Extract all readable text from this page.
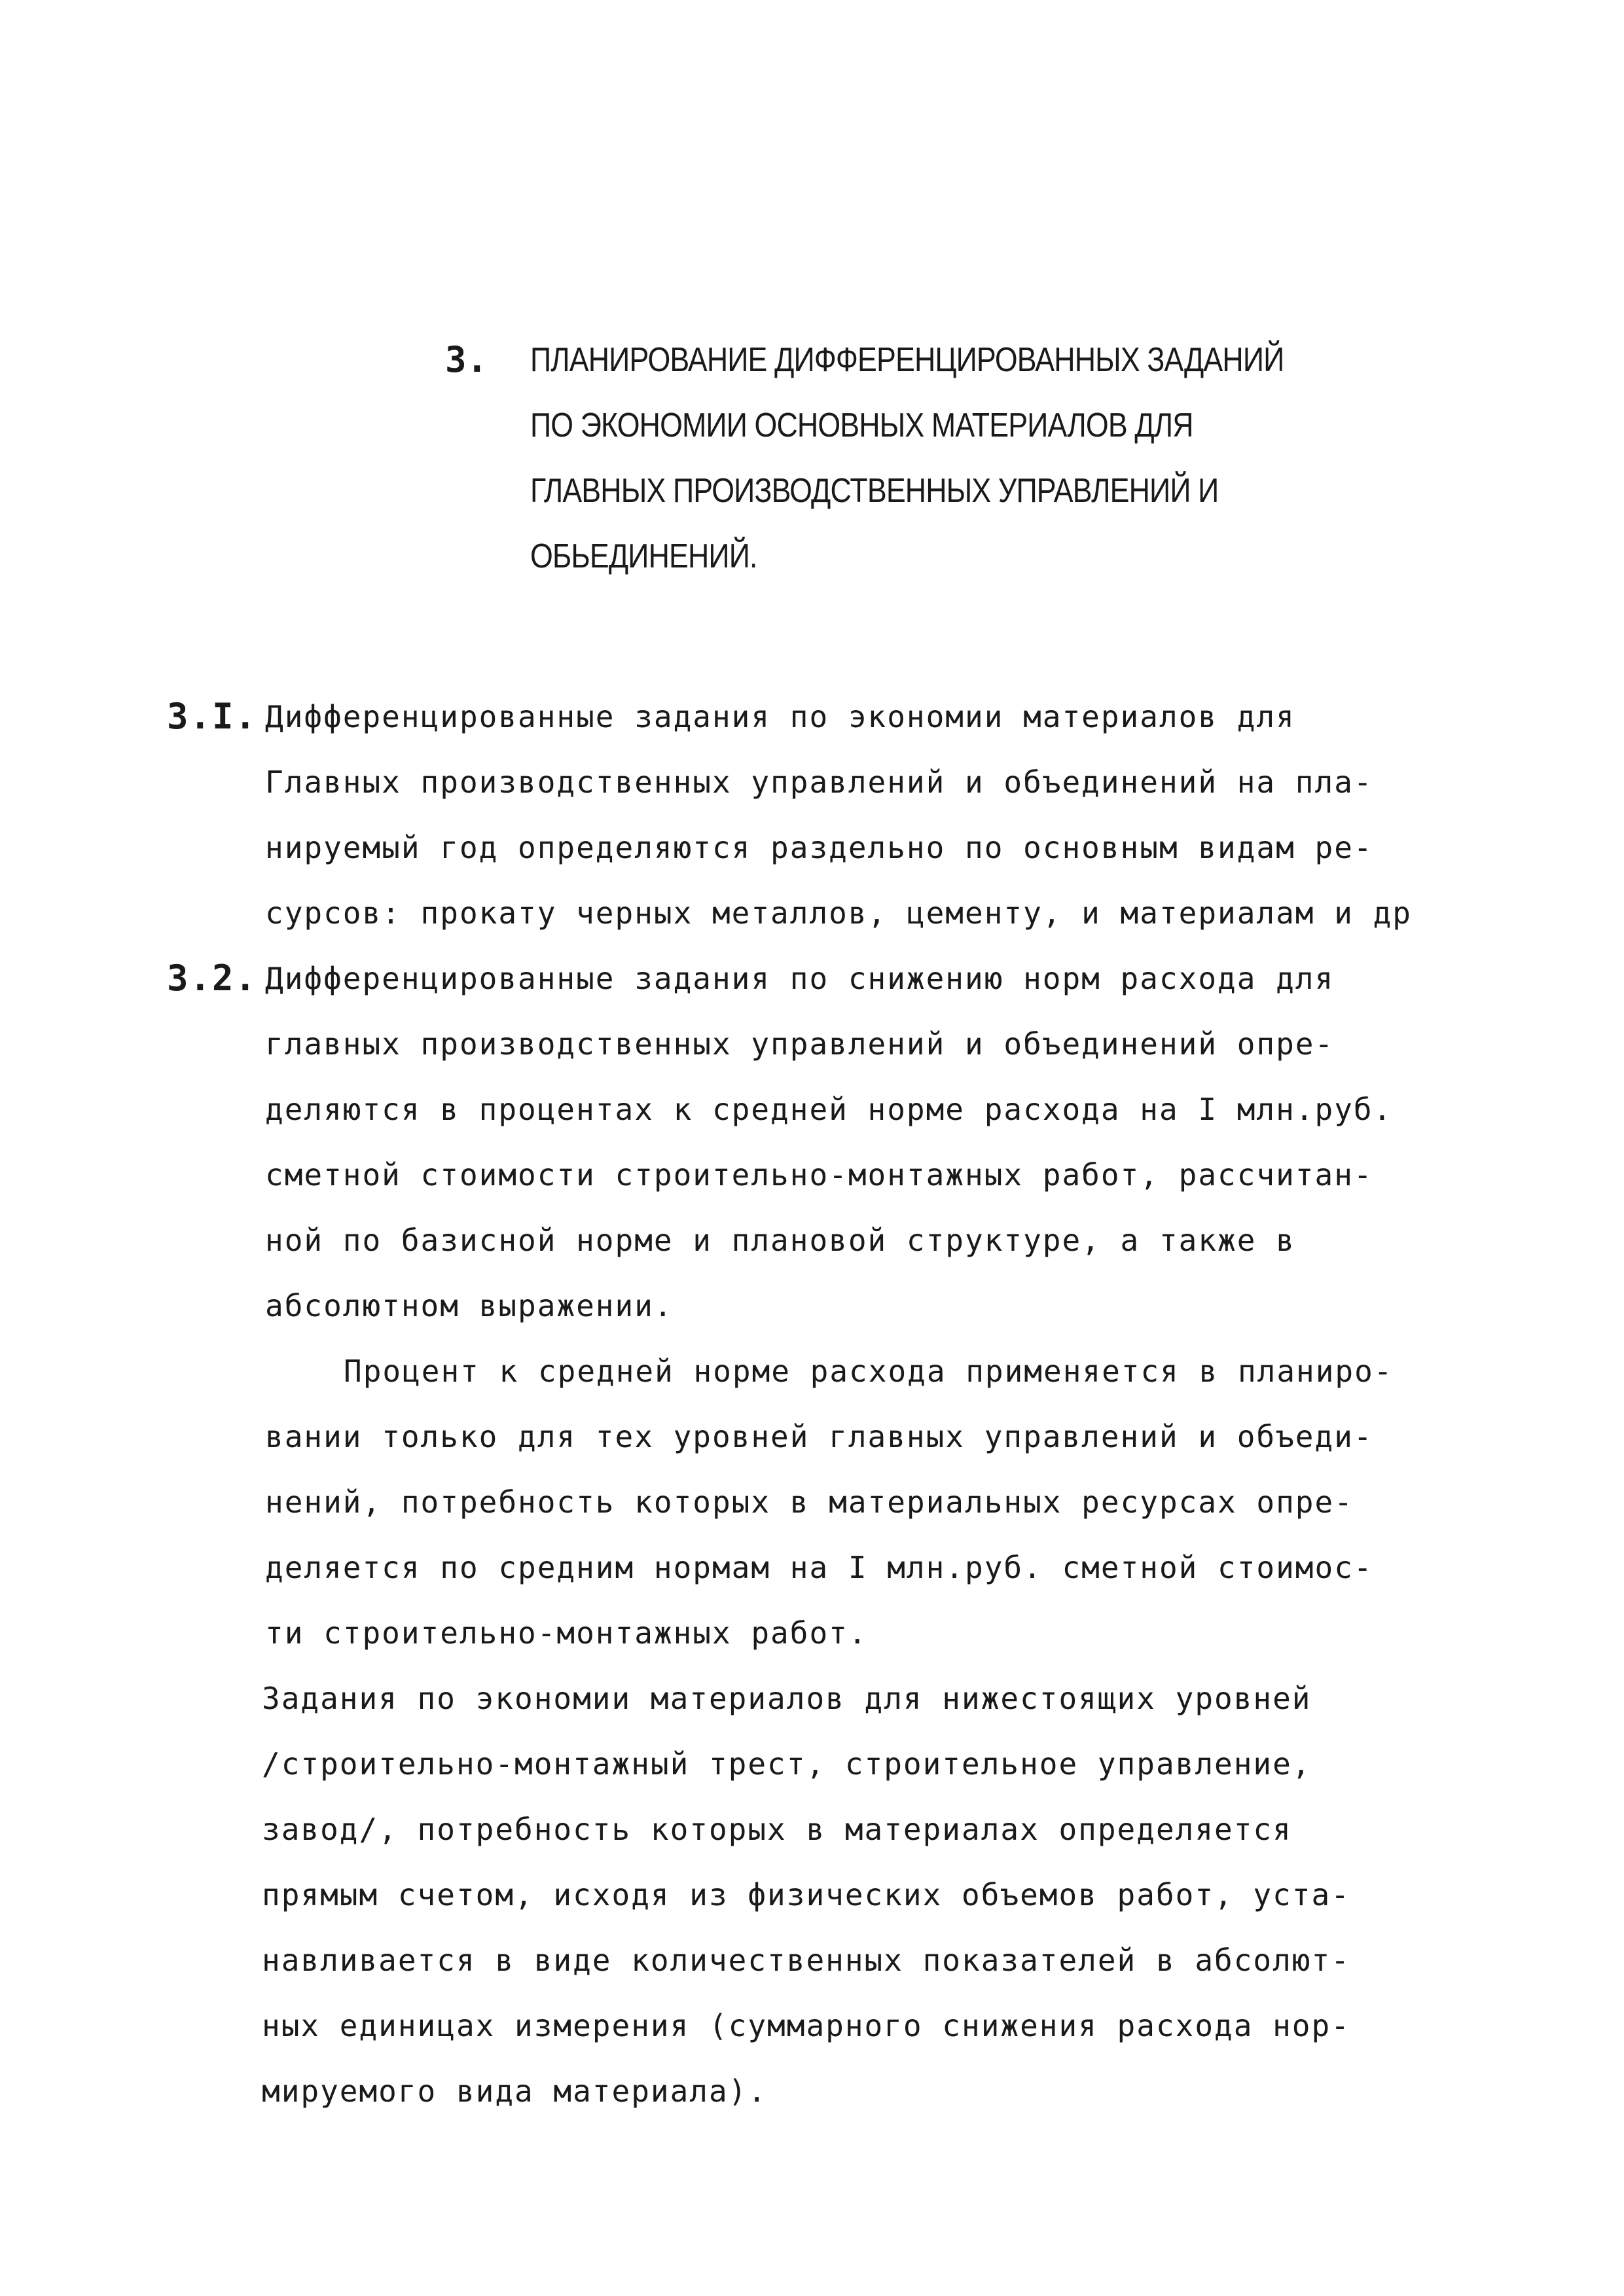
3. ПЛАНИРОВАНИЕ ДИФФЕРЕНЦИРОВАННЫХ ЗАДАНИЙ
ПО ЭКОНОМИИ ОСНОВНЫХ МАТЕРИАЛОВ ДЛЯ
ГЛАВНЫХ ПРОИЗВОДСТВЕННЫХ УПРАВЛЕНИЙ И
ОБЬЕДИНЕНИЙ.
3.I. Дифференцированные задания по экономии материалов для
Главных производственных управлений и объединений на пла-
нируемый год определяются раздельно по основным видам ре-
сурсов: прокату черных металлов, цементу, и материалам и др
3.2. Дифференцированные задания по снижению норм расхода для
главных производственных управлений и объединений опре-
деляются в процентах к средней норме расхода на I млн.руб.
сметной стоимости строительно-монтажных работ, рассчитан-
ной по базисной норме и плановой структуре, а также в
абсолютном выражении.
Процент к средней норме расхода применяется в планиро-
вании только для тех уровней главных управлений и объеди-
нений, потребность которых в материальных ресурсах опре-
деляется по средним нормам на I млн.руб. сметной стоимос-
ти строительно-монтажных работ.
Задания по экономии материалов для нижестоящих уровней
/строительно-монтажный трест, строительное управление,
завод/, потребность которых в материалах определяется
прямым счетом, исходя из физических объемов работ, уста-
навливается в виде количественных показателей в абсолют-
ных единицах измерения (суммарного снижения расхода нор-
мируемого вида материала).
